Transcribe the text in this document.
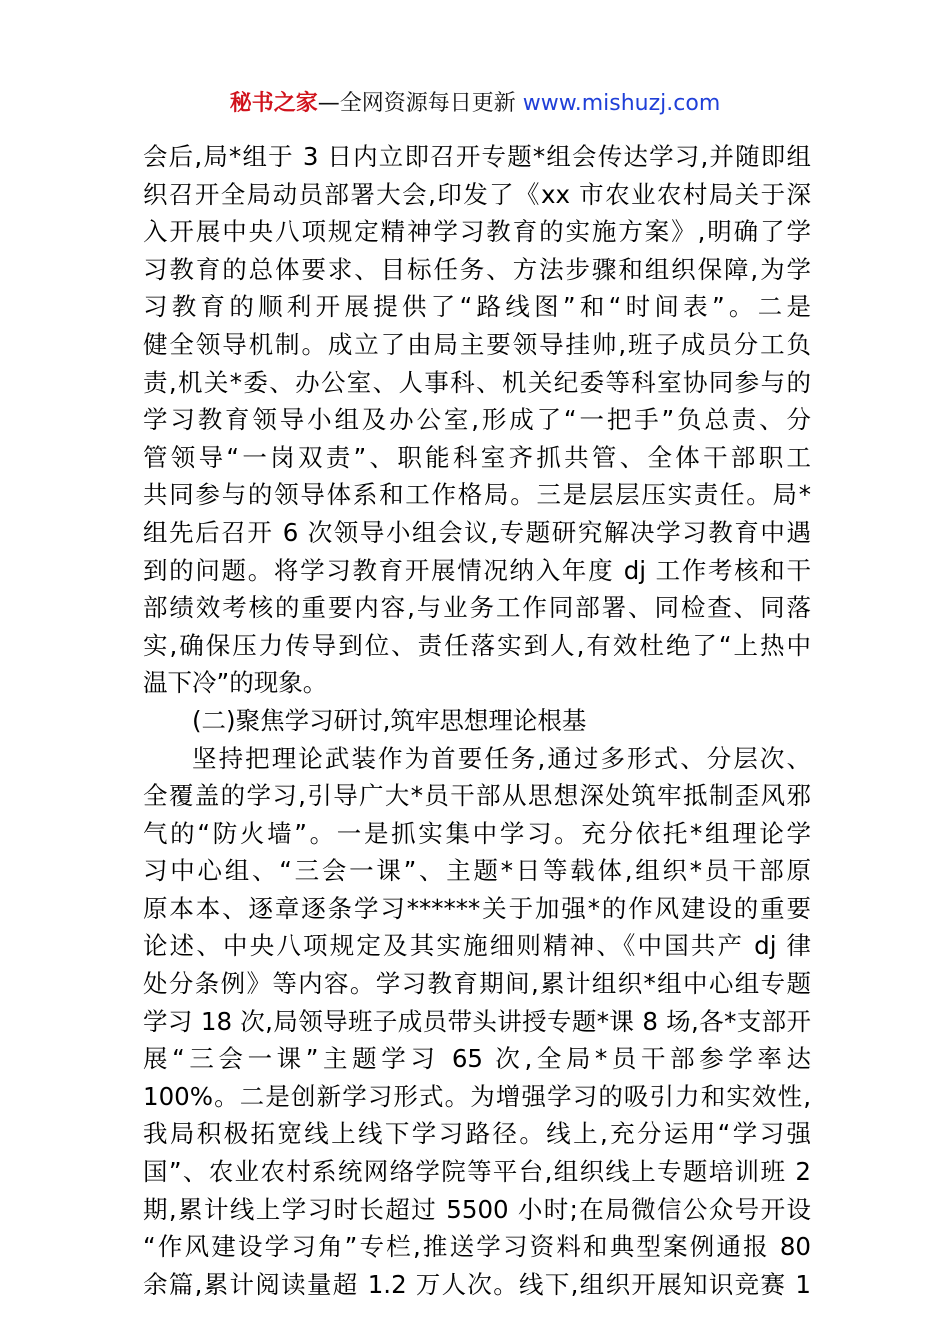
秘书之家—全网资源每日更新 www.mishuzj.com
会后,局*组于 3 日内立即召开专题*组会传达学习,并随即组
织召开全局动员部署大会,印发了《xx 市农业农村局关于深
入开展中央八项规定精神学习教育的实施方案》,明确了学
习教育的总体要求、目标任务、方法步骤和组织保障,为学
习教育的顺利开展提供了“路线图”和“时间表”。二是
健全领导机制。成立了由局主要领导挂帅,班子成员分工负
责,机关*委、办公室、人事科、机关纪委等科室协同参与的
学习教育领导小组及办公室,形成了“一把手”负总责、分
管领导“一岗双责”、职能科室齐抓共管、全体干部职工
共同参与的领导体系和工作格局。三是层层压实责任。局*
组先后召开 6 次领导小组会议,专题研究解决学习教育中遇
到的问题。将学习教育开展情况纳入年度 dj 工作考核和干
部绩效考核的重要内容,与业务工作同部署、同检查、同落
实,确保压力传导到位、责任落实到人,有效杜绝了“上热中
温下冷”的现象。
(二)聚焦学习研讨,筑牢思想理论根基
坚持把理论武装作为首要任务,通过多形式、分层次、
全覆盖的学习,引导广大*员干部从思想深处筑牢抵制歪风邪
气的“防火墙”。一是抓实集中学习。充分依托*组理论学
习中心组、“三会一课”、主题*日等载体,组织*员干部原
原本本、逐章逐条学习******关于加强*的作风建设的重要
论述、中央八项规定及其实施细则精神、《中国共产 dj 律
处分条例》等内容。学习教育期间,累计组织*组中心组专题
学习 18 次,局领导班子成员带头讲授专题*课 8 场,各*支部开
展“三会一课”主题学习 65 次,全局*员干部参学率达
100%。二是创新学习形式。为增强学习的吸引力和实效性,
我局积极拓宽线上线下学习路径。线上,充分运用“学习强
国”、农业农村系统网络学院等平台,组织线上专题培训班 2
期,累计线上学习时长超过 5500 小时;在局微信公众号开设
“作风建设学习角”专栏,推送学习资料和典型案例通报 80
余篇,累计阅读量超 1.2 万人次。线下,组织开展知识竞赛 1
